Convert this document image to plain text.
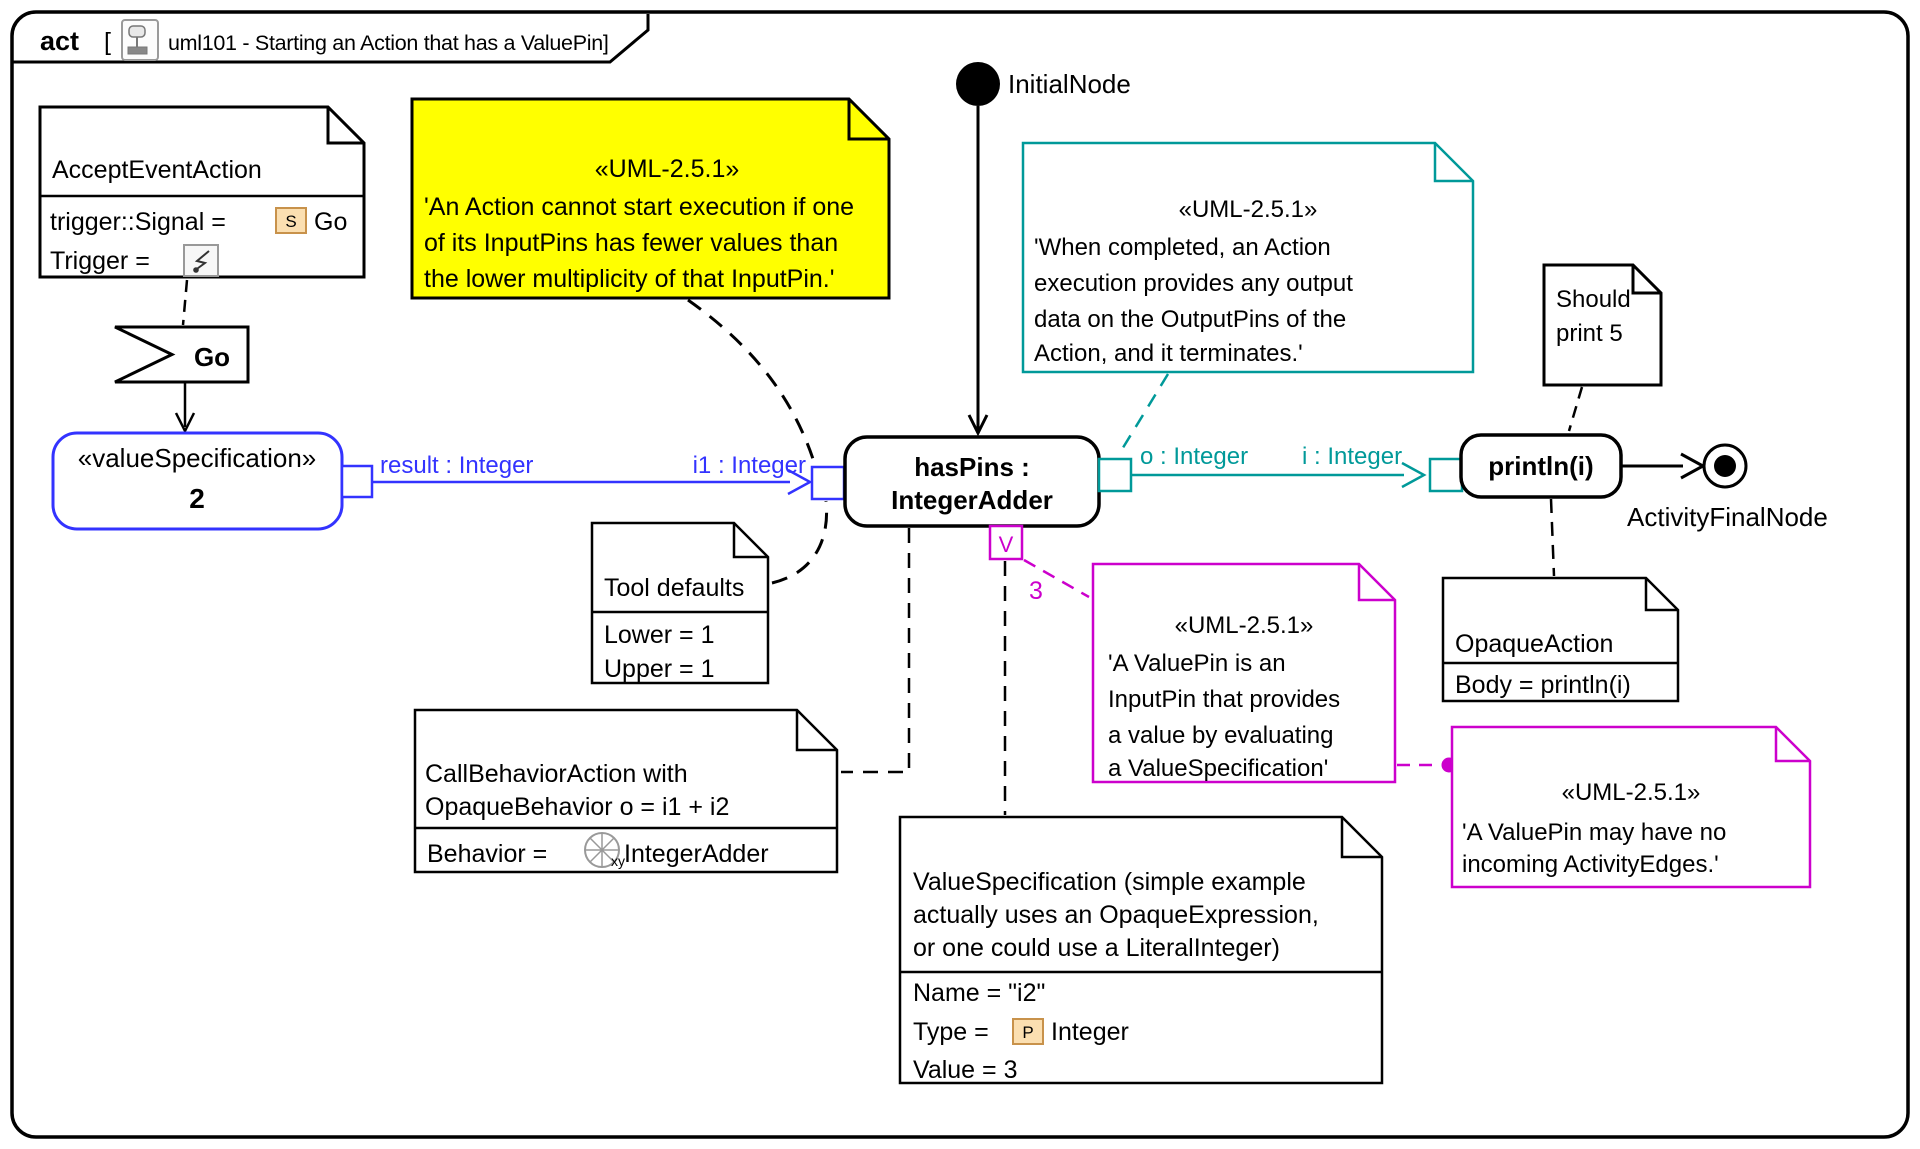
act [	uml101 - Starting an Action that has a ValuePin]
AcceptEventAction
trigger::Signal =	S Go
Trigger =
Go
«valueSpecification»
2
result : Integer	i1 : Integer	hasPins :
IntegerAdder
InitialNode
o : Integer i : Integer	println(i)
ActivityFinalNode
«UML-2.5.1»
'An Action cannot start execution if one
of its InputPins has fewer values than
the lower multiplicity of that InputPin.'
«UML-2.5.1»
'When completed, an Action
execution provides any output
data on the OutputPins of the
Action, and it terminates.'
Should
print 5
Tool defaults
Lower = 1
Upper = 1
CallBehaviorAction with
OpaqueBehavior o = i1 + i2
Behavior =	xy IntegerAdder
V
3
«UML-2.5.1»
'A ValuePin is an
InputPin that provides
a value by evaluating
a ValueSpecification'
«UML-2.5.1»
'A ValuePin may have no
incoming ActivityEdges.'
OpaqueAction
Body = println(i)
ValueSpecification (simple example
actually uses an OpaqueExpression,
or one could use a LiteralInteger)
Name = "i2"
Type = P Integer
Value = 3
